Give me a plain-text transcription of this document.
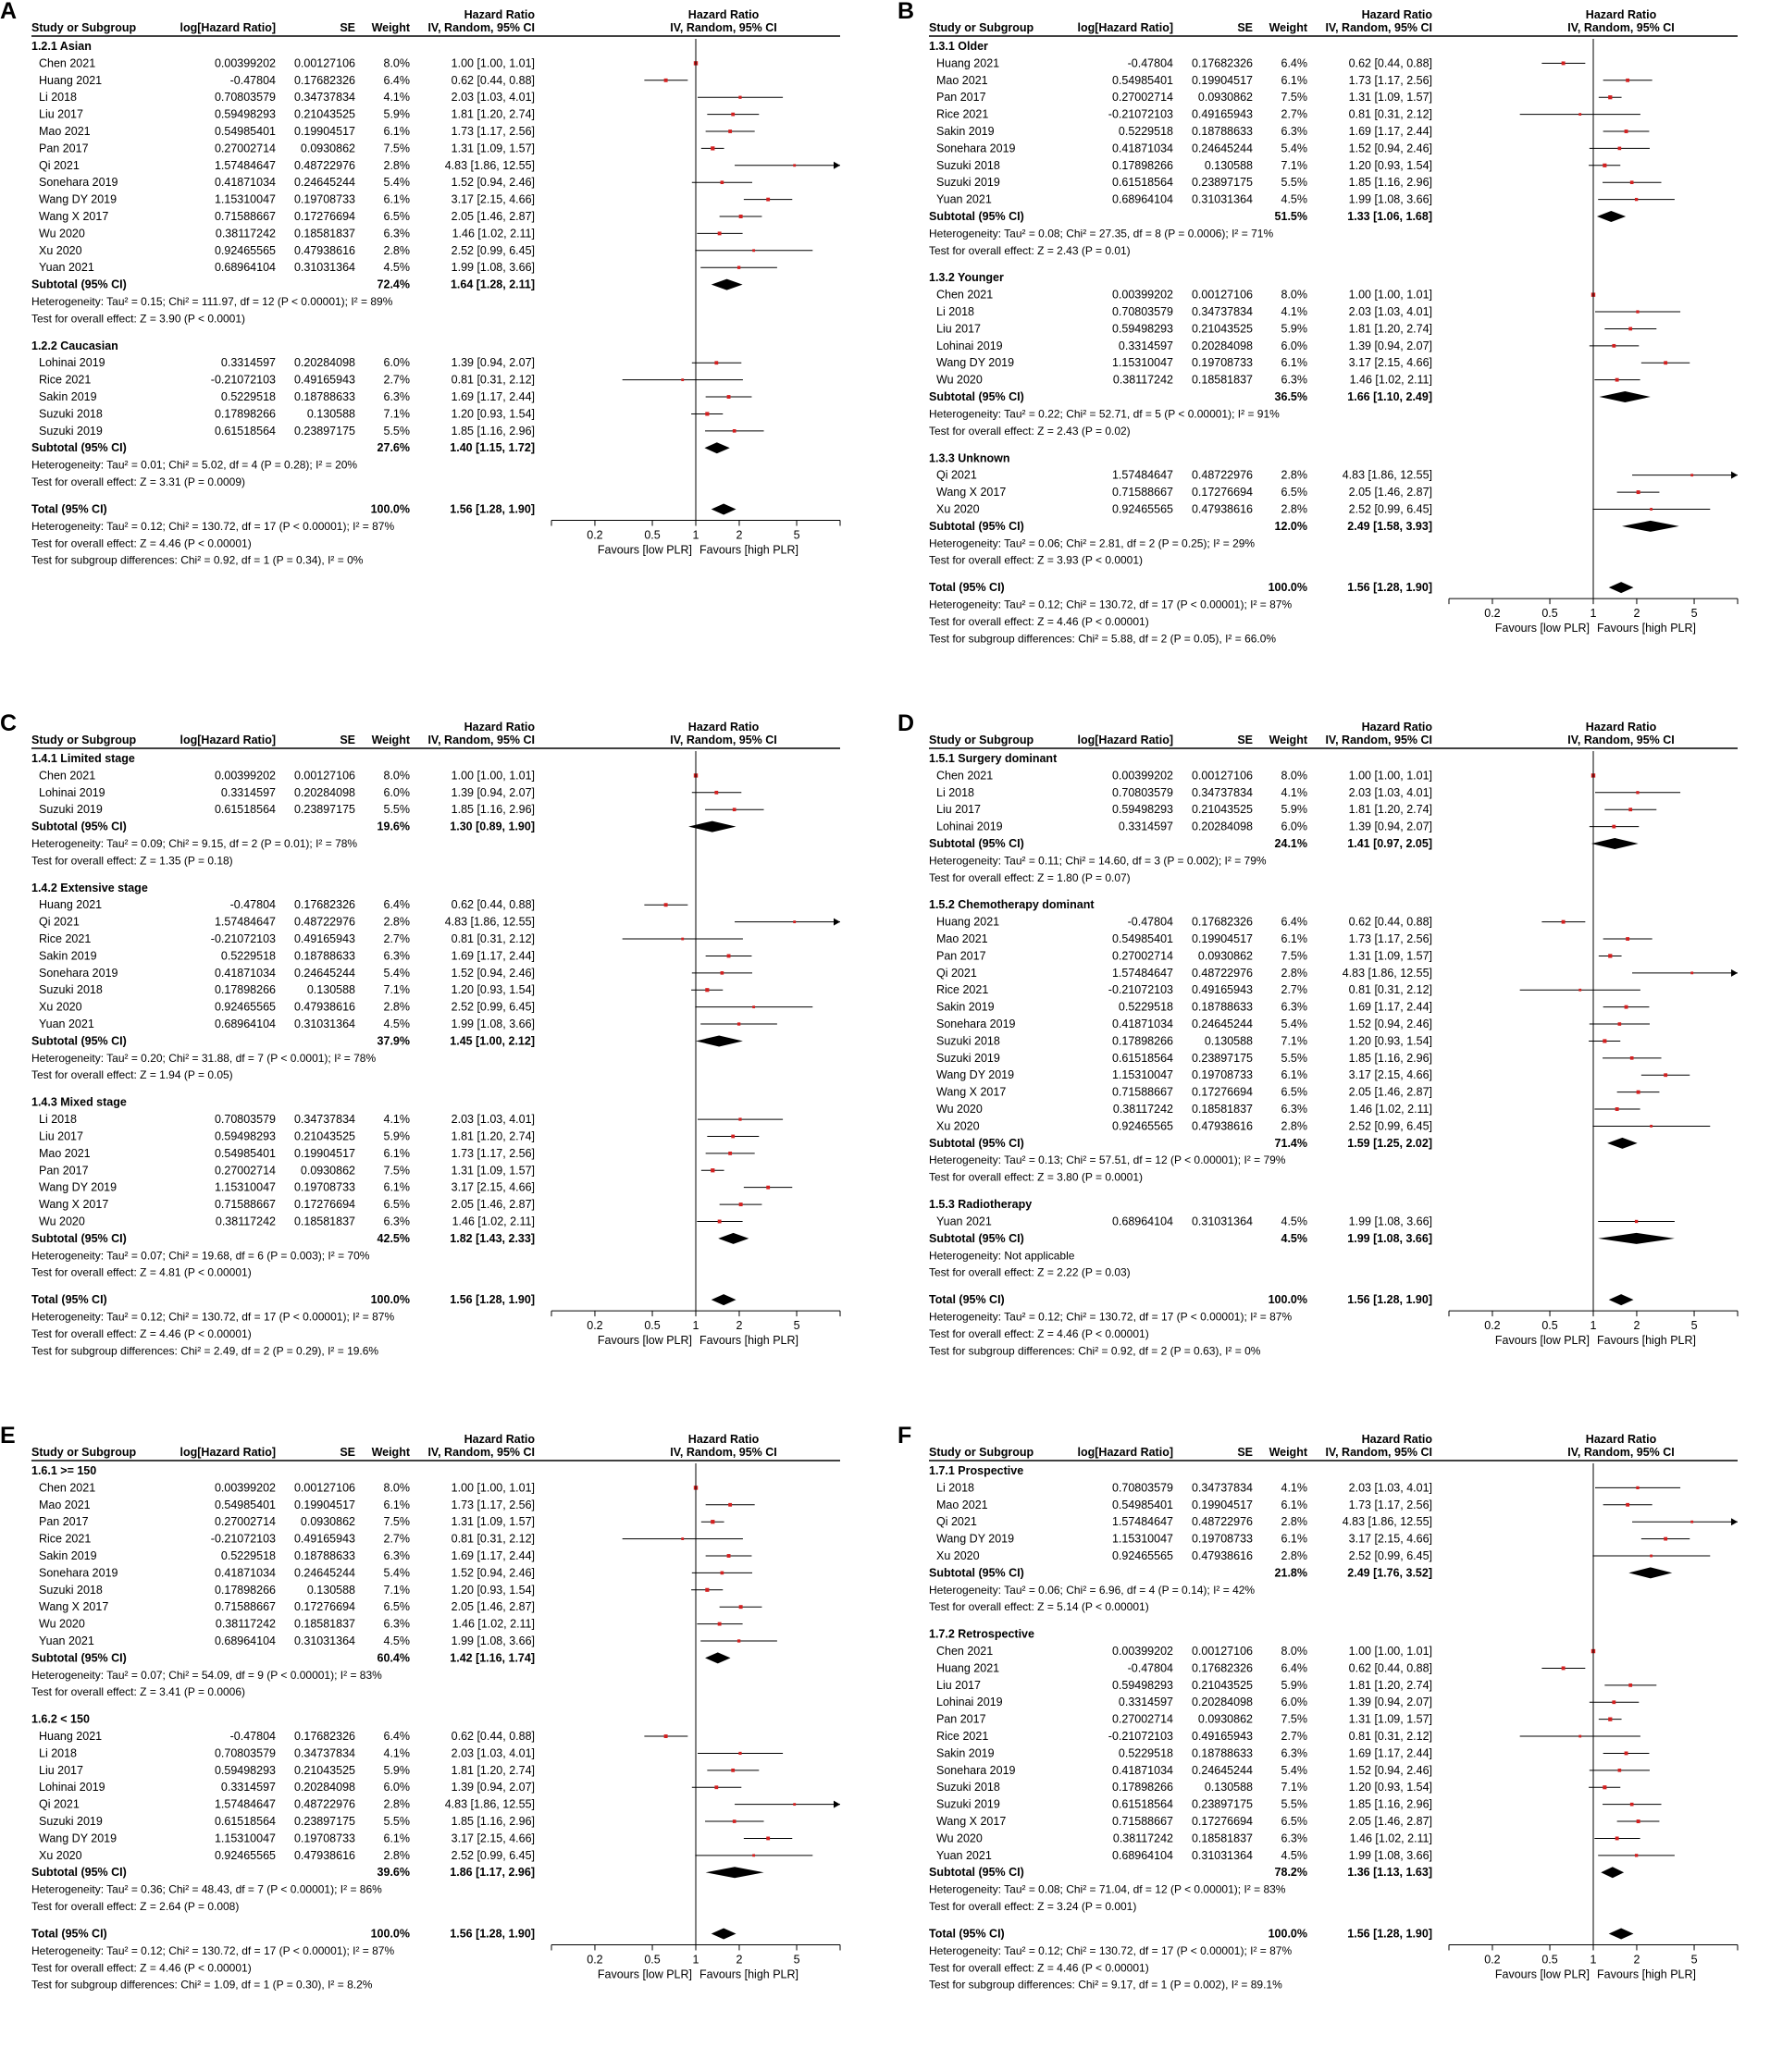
A	Hazard Ratio	Hazard Ratio
Study or Subgroup	log[Hazard Ratio]	SE Weight IV, Random, 95% CI	IV, Random, 95% CI
1.2.1 Asian
Chen 2021	0.00399202 0.00127106 8.0%	1.00 [1.00, 1.01]
Huang 2021	-0.47804 0.17682326 6.4%	0.62 [0.44, 0.88]
Li 2018	0.70803579 0.34737834 4.1%	2.03 [1.03, 4.01]
Liu 2017	0.59498293 0.21043525 5.9%	1.81 [1.20, 2.74]
Mao 2021	0.54985401 0.19904517 6.1%	1.73 [1.17, 2.56]
Pan 2017	0.27002714 0.0930862 7.5%	1.31 [1.09, 1.57]
Qi 2021	1.57484647 0.48722976 2.8%	4.83 [1.86, 12.55]
Sonehara 2019	0.41871034 0.24645244 5.4%	1.52 [0.94, 2.46]
Wang DY 2019	1.15310047 0.19708733 6.1%	3.17 [2.15, 4.66]
Wang X 2017	0.71588667 0.17276694 6.5%	2.05 [1.46, 2.87]
Wu 2020	0.38117242 0.18581837 6.3%	1.46 [1.02, 2.11]
Xu 2020	0.92465565 0.47938616 2.8%	2.52 [0.99, 6.45]
Yuan 2021	0.68964104 0.31031364 4.5%	1.99 [1.08, 3.66]
Subtotal (95% CI)	72.4%	1.64 [1.28, 2.11]
Heterogeneity: Tau² = 0.15; Chi² = 111.97, df = 12 (P < 0.00001); I² = 89%
Test for overall effect: Z = 3.90 (P < 0.0001)
1.2.2 Caucasian
Lohinai 2019	0.3314597 0.20284098 6.0%	1.39 [0.94, 2.07]
Rice 2021	-0.21072103 0.49165943 2.7%	0.81 [0.31, 2.12]
Sakin 2019	0.5229518 0.18788633 6.3%	1.69 [1.17, 2.44]
Suzuki 2018	0.17898266	0.130588 7.1%	1.20 [0.93, 1.54]
Suzuki 2019	0.61518564 0.23897175 5.5%	1.85 [1.16, 2.96]
Subtotal (95% CI)	27.6%	1.40 [1.15, 1.72]
Heterogeneity: Tau² = 0.01; Chi² = 5.02, df = 4 (P = 0.28); I² = 20%
Test for overall effect: Z = 3.31 (P = 0.0009)
Total (95% CI)	100.0%	1.56 [1.28, 1.90]
0.2	0.5	1	2	5
Favours [low PLR] Favours [high PLR]
Heterogeneity: Tau² = 0.12; Chi² = 130.72, df = 17 (P < 0.00001); I² = 87%
Test for overall effect: Z = 4.46 (P < 0.00001)
Test for subgroup differences: Chi² = 0.92, df = 1 (P = 0.34), I² = 0%
B	Hazard Ratio	Hazard Ratio
Study or Subgroup	log[Hazard Ratio]	SE Weight IV, Random, 95% CI	IV, Random, 95% CI
1.3.1 Older
Huang 2021	-0.47804 0.17682326 6.4%	0.62 [0.44, 0.88]
Mao 2021	0.54985401 0.19904517 6.1%	1.73 [1.17, 2.56]
Pan 2017	0.27002714 0.0930862 7.5%	1.31 [1.09, 1.57]
Rice 2021	-0.21072103 0.49165943 2.7%	0.81 [0.31, 2.12]
Sakin 2019	0.5229518 0.18788633 6.3%	1.69 [1.17, 2.44]
Sonehara 2019	0.41871034 0.24645244 5.4%	1.52 [0.94, 2.46]
Suzuki 2018	0.17898266	0.130588 7.1%	1.20 [0.93, 1.54]
Suzuki 2019	0.61518564 0.23897175 5.5%	1.85 [1.16, 2.96]
Yuan 2021	0.68964104 0.31031364 4.5%	1.99 [1.08, 3.66]
Subtotal (95% CI)	51.5%	1.33 [1.06, 1.68]
Heterogeneity: Tau² = 0.08; Chi² = 27.35, df = 8 (P = 0.0006); I² = 71%
Test for overall effect: Z = 2.43 (P = 0.01)
1.3.2 Younger
Chen 2021	0.00399202 0.00127106 8.0%	1.00 [1.00, 1.01]
Li 2018	0.70803579 0.34737834 4.1%	2.03 [1.03, 4.01]
Liu 2017	0.59498293 0.21043525 5.9%	1.81 [1.20, 2.74]
Lohinai 2019	0.3314597 0.20284098 6.0%	1.39 [0.94, 2.07]
Wang DY 2019	1.15310047 0.19708733 6.1%	3.17 [2.15, 4.66]
Wu 2020	0.38117242 0.18581837 6.3%	1.46 [1.02, 2.11]
Subtotal (95% CI)	36.5%	1.66 [1.10, 2.49]
Heterogeneity: Tau² = 0.22; Chi² = 52.71, df = 5 (P < 0.00001); I² = 91%
Test for overall effect: Z = 2.43 (P = 0.02)
1.3.3 Unknown
Qi 2021	1.57484647 0.48722976 2.8%	4.83 [1.86, 12.55]
Wang X 2017	0.71588667 0.17276694 6.5%	2.05 [1.46, 2.87]
Xu 2020	0.92465565 0.47938616 2.8%	2.52 [0.99, 6.45]
Subtotal (95% CI)	12.0%	2.49 [1.58, 3.93]
Heterogeneity: Tau² = 0.06; Chi² = 2.81, df = 2 (P = 0.25); I² = 29%
Test for overall effect: Z = 3.93 (P < 0.0001)
Total (95% CI)	100.0%	1.56 [1.28, 1.90]
0.2	0.5	1	2	5
Favours [low PLR] Favours [high PLR]
Heterogeneity: Tau² = 0.12; Chi² = 130.72, df = 17 (P < 0.00001); I² = 87%
Test for overall effect: Z = 4.46 (P < 0.00001)
Test for subgroup differences: Chi² = 5.88, df = 2 (P = 0.05), I² = 66.0%
C	Hazard Ratio	Hazard Ratio
Study or Subgroup	log[Hazard Ratio]	SE Weight IV, Random, 95% CI	IV, Random, 95% CI
1.4.1 Limited stage
Chen 2021	0.00399202 0.00127106 8.0%	1.00 [1.00, 1.01]
Lohinai 2019	0.3314597 0.20284098 6.0%	1.39 [0.94, 2.07]
Suzuki 2019	0.61518564 0.23897175 5.5%	1.85 [1.16, 2.96]
Subtotal (95% CI)	19.6%	1.30 [0.89, 1.90]
Heterogeneity: Tau² = 0.09; Chi² = 9.15, df = 2 (P = 0.01); I² = 78%
Test for overall effect: Z = 1.35 (P = 0.18)
1.4.2 Extensive stage
Huang 2021	-0.47804 0.17682326 6.4%	0.62 [0.44, 0.88]
Qi 2021	1.57484647 0.48722976 2.8%	4.83 [1.86, 12.55]
Rice 2021	-0.21072103 0.49165943 2.7%	0.81 [0.31, 2.12]
Sakin 2019	0.5229518 0.18788633 6.3%	1.69 [1.17, 2.44]
Sonehara 2019	0.41871034 0.24645244 5.4%	1.52 [0.94, 2.46]
Suzuki 2018	0.17898266	0.130588 7.1%	1.20 [0.93, 1.54]
Xu 2020	0.92465565 0.47938616 2.8%	2.52 [0.99, 6.45]
Yuan 2021	0.68964104 0.31031364 4.5%	1.99 [1.08, 3.66]
Subtotal (95% CI)	37.9%	1.45 [1.00, 2.12]
Heterogeneity: Tau² = 0.20; Chi² = 31.88, df = 7 (P < 0.0001); I² = 78%
Test for overall effect: Z = 1.94 (P = 0.05)
1.4.3 Mixed stage
Li 2018	0.70803579 0.34737834 4.1%	2.03 [1.03, 4.01]
Liu 2017	0.59498293 0.21043525 5.9%	1.81 [1.20, 2.74]
Mao 2021	0.54985401 0.19904517 6.1%	1.73 [1.17, 2.56]
Pan 2017	0.27002714 0.0930862 7.5%	1.31 [1.09, 1.57]
Wang DY 2019	1.15310047 0.19708733 6.1%	3.17 [2.15, 4.66]
Wang X 2017	0.71588667 0.17276694 6.5%	2.05 [1.46, 2.87]
Wu 2020	0.38117242 0.18581837 6.3%	1.46 [1.02, 2.11]
Subtotal (95% CI)	42.5%	1.82 [1.43, 2.33]
Heterogeneity: Tau² = 0.07; Chi² = 19.68, df = 6 (P = 0.003); I² = 70%
Test for overall effect: Z = 4.81 (P < 0.00001)
Total (95% CI)	100.0%	1.56 [1.28, 1.90]
0.2	0.5	1	2	5
Favours [low PLR] Favours [high PLR]
Heterogeneity: Tau² = 0.12; Chi² = 130.72, df = 17 (P < 0.00001); I² = 87%
Test for overall effect: Z = 4.46 (P < 0.00001)
Test for subgroup differences: Chi² = 2.49, df = 2 (P = 0.29), I² = 19.6%
D	Hazard Ratio	Hazard Ratio
Study or Subgroup	log[Hazard Ratio]	SE Weight IV, Random, 95% CI	IV, Random, 95% CI
1.5.1 Surgery dominant
Chen 2021	0.00399202 0.00127106 8.0%	1.00 [1.00, 1.01]
Li 2018	0.70803579 0.34737834 4.1%	2.03 [1.03, 4.01]
Liu 2017	0.59498293 0.21043525 5.9%	1.81 [1.20, 2.74]
Lohinai 2019	0.3314597 0.20284098 6.0%	1.39 [0.94, 2.07]
Subtotal (95% CI)	24.1%	1.41 [0.97, 2.05]
Heterogeneity: Tau² = 0.11; Chi² = 14.60, df = 3 (P = 0.002); I² = 79%
Test for overall effect: Z = 1.80 (P = 0.07)
1.5.2 Chemotherapy dominant
Huang 2021	-0.47804 0.17682326 6.4%	0.62 [0.44, 0.88]
Mao 2021	0.54985401 0.19904517 6.1%	1.73 [1.17, 2.56]
Pan 2017	0.27002714 0.0930862 7.5%	1.31 [1.09, 1.57]
Qi 2021	1.57484647 0.48722976 2.8%	4.83 [1.86, 12.55]
Rice 2021	-0.21072103 0.49165943 2.7%	0.81 [0.31, 2.12]
Sakin 2019	0.5229518 0.18788633 6.3%	1.69 [1.17, 2.44]
Sonehara 2019	0.41871034 0.24645244 5.4%	1.52 [0.94, 2.46]
Suzuki 2018	0.17898266	0.130588 7.1%	1.20 [0.93, 1.54]
Suzuki 2019	0.61518564 0.23897175 5.5%	1.85 [1.16, 2.96]
Wang DY 2019	1.15310047 0.19708733 6.1%	3.17 [2.15, 4.66]
Wang X 2017	0.71588667 0.17276694 6.5%	2.05 [1.46, 2.87]
Wu 2020	0.38117242 0.18581837 6.3%	1.46 [1.02, 2.11]
Xu 2020	0.92465565 0.47938616 2.8%	2.52 [0.99, 6.45]
Subtotal (95% CI)	71.4%	1.59 [1.25, 2.02]
Heterogeneity: Tau² = 0.13; Chi² = 57.51, df = 12 (P < 0.00001); I² = 79%
Test for overall effect: Z = 3.80 (P = 0.0001)
1.5.3 Radiotherapy
Yuan 2021	0.68964104 0.31031364 4.5%	1.99 [1.08, 3.66]
Subtotal (95% CI)	4.5%	1.99 [1.08, 3.66]
Heterogeneity: Not applicable
Test for overall effect: Z = 2.22 (P = 0.03)
Total (95% CI)	100.0%	1.56 [1.28, 1.90]
0.2	0.5	1	2	5
Favours [low PLR] Favours [high PLR]
Heterogeneity: Tau² = 0.12; Chi² = 130.72, df = 17 (P < 0.00001); I² = 87%
Test for overall effect: Z = 4.46 (P < 0.00001)
Test for subgroup differences: Chi² = 0.92, df = 2 (P = 0.63), I² = 0%
E	Hazard Ratio	Hazard Ratio
Study or Subgroup	log[Hazard Ratio]	SE Weight IV, Random, 95% CI	IV, Random, 95% CI
1.6.1 >= 150
Chen 2021	0.00399202 0.00127106 8.0%	1.00 [1.00, 1.01]
Mao 2021	0.54985401 0.19904517 6.1%	1.73 [1.17, 2.56]
Pan 2017	0.27002714 0.0930862 7.5%	1.31 [1.09, 1.57]
Rice 2021	-0.21072103 0.49165943 2.7%	0.81 [0.31, 2.12]
Sakin 2019	0.5229518 0.18788633 6.3%	1.69 [1.17, 2.44]
Sonehara 2019	0.41871034 0.24645244 5.4%	1.52 [0.94, 2.46]
Suzuki 2018	0.17898266	0.130588 7.1%	1.20 [0.93, 1.54]
Wang X 2017	0.71588667 0.17276694 6.5%	2.05 [1.46, 2.87]
Wu 2020	0.38117242 0.18581837 6.3%	1.46 [1.02, 2.11]
Yuan 2021	0.68964104 0.31031364 4.5%	1.99 [1.08, 3.66]
Subtotal (95% CI)	60.4%	1.42 [1.16, 1.74]
Heterogeneity: Tau² = 0.07; Chi² = 54.09, df = 9 (P < 0.00001); I² = 83%
Test for overall effect: Z = 3.41 (P = 0.0006)
1.6.2 < 150
Huang 2021	-0.47804 0.17682326 6.4%	0.62 [0.44, 0.88]
Li 2018	0.70803579 0.34737834 4.1%	2.03 [1.03, 4.01]
Liu 2017	0.59498293 0.21043525 5.9%	1.81 [1.20, 2.74]
Lohinai 2019	0.3314597 0.20284098 6.0%	1.39 [0.94, 2.07]
Qi 2021	1.57484647 0.48722976 2.8%	4.83 [1.86, 12.55]
Suzuki 2019	0.61518564 0.23897175 5.5%	1.85 [1.16, 2.96]
Wang DY 2019	1.15310047 0.19708733 6.1%	3.17 [2.15, 4.66]
Xu 2020	0.92465565 0.47938616 2.8%	2.52 [0.99, 6.45]
Subtotal (95% CI)	39.6%	1.86 [1.17, 2.96]
Heterogeneity: Tau² = 0.36; Chi² = 48.43, df = 7 (P < 0.00001); I² = 86%
Test for overall effect: Z = 2.64 (P = 0.008)
Total (95% CI)	100.0%	1.56 [1.28, 1.90]
0.2	0.5	1	2	5
Favours [low PLR] Favours [high PLR]
Heterogeneity: Tau² = 0.12; Chi² = 130.72, df = 17 (P < 0.00001); I² = 87%
Test for overall effect: Z = 4.46 (P < 0.00001)
Test for subgroup differences: Chi² = 1.09, df = 1 (P = 0.30), I² = 8.2%
F	Hazard Ratio	Hazard Ratio
Study or Subgroup	log[Hazard Ratio]	SE Weight IV, Random, 95% CI	IV, Random, 95% CI
1.7.1 Prospective
Li 2018	0.70803579 0.34737834 4.1%	2.03 [1.03, 4.01]
Mao 2021	0.54985401 0.19904517 6.1%	1.73 [1.17, 2.56]
Qi 2021	1.57484647 0.48722976 2.8%	4.83 [1.86, 12.55]
Wang DY 2019	1.15310047 0.19708733 6.1%	3.17 [2.15, 4.66]
Xu 2020	0.92465565 0.47938616 2.8%	2.52 [0.99, 6.45]
Subtotal (95% CI)	21.8%	2.49 [1.76, 3.52]
Heterogeneity: Tau² = 0.06; Chi² = 6.96, df = 4 (P = 0.14); I² = 42%
Test for overall effect: Z = 5.14 (P < 0.00001)
1.7.2 Retrospective
Chen 2021	0.00399202 0.00127106 8.0%	1.00 [1.00, 1.01]
Huang 2021	-0.47804 0.17682326 6.4%	0.62 [0.44, 0.88]
Liu 2017	0.59498293 0.21043525 5.9%	1.81 [1.20, 2.74]
Lohinai 2019	0.3314597 0.20284098 6.0%	1.39 [0.94, 2.07]
Pan 2017	0.27002714 0.0930862 7.5%	1.31 [1.09, 1.57]
Rice 2021	-0.21072103 0.49165943 2.7%	0.81 [0.31, 2.12]
Sakin 2019	0.5229518 0.18788633 6.3%	1.69 [1.17, 2.44]
Sonehara 2019	0.41871034 0.24645244 5.4%	1.52 [0.94, 2.46]
Suzuki 2018	0.17898266	0.130588 7.1%	1.20 [0.93, 1.54]
Suzuki 2019	0.61518564 0.23897175 5.5%	1.85 [1.16, 2.96]
Wang X 2017	0.71588667 0.17276694 6.5%	2.05 [1.46, 2.87]
Wu 2020	0.38117242 0.18581837 6.3%	1.46 [1.02, 2.11]
Yuan 2021	0.68964104 0.31031364 4.5%	1.99 [1.08, 3.66]
Subtotal (95% CI)	78.2%	1.36 [1.13, 1.63]
Heterogeneity: Tau² = 0.08; Chi² = 71.04, df = 12 (P < 0.00001); I² = 83%
Test for overall effect: Z = 3.24 (P = 0.001)
Total (95% CI)	100.0%	1.56 [1.28, 1.90]
0.2	0.5	1	2	5
Favours [low PLR] Favours [high PLR]
Heterogeneity: Tau² = 0.12; Chi² = 130.72, df = 17 (P < 0.00001); I² = 87%
Test for overall effect: Z = 4.46 (P < 0.00001)
Test for subgroup differences: Chi² = 9.17, df = 1 (P = 0.002), I² = 89.1%
